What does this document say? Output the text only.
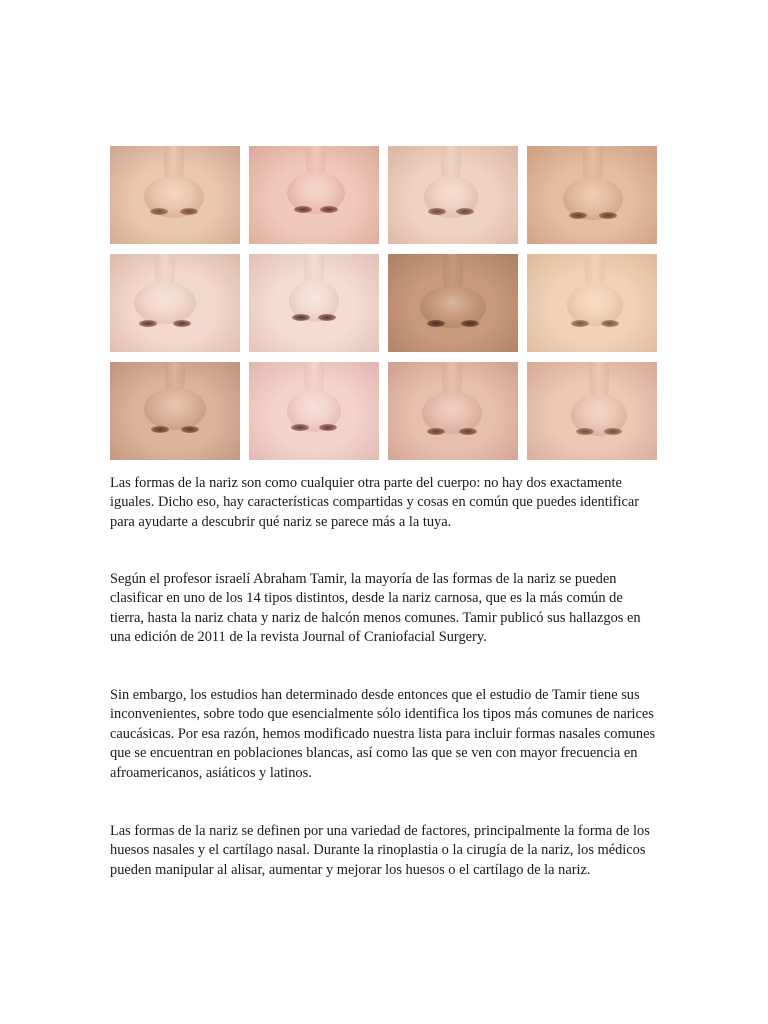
Las formas de la nariz son como cualquier otra parte del cuerpo: no hay dos exactamente iguales. Dicho eso, hay características compartidas y cosas en común que puedes identificar para ayudarte a descubrir qué nariz se parece más a la tuya.

Según el profesor israelí Abraham Tamir, la mayoría de las formas de la nariz se pueden clasificar en uno de los 14 tipos distintos, desde la nariz carnosa, que es la más común de tierra, hasta la nariz chata y nariz de halcón menos comunes. Tamir publicó sus hallazgos en una edición de 2011 de la revista Journal of Craniofacial Surgery.

Sin embargo, los estudios han determinado desde entonces que el estudio de Tamir tiene sus inconvenientes, sobre todo que esencialmente sólo identifica los tipos más comunes de narices caucásicas. Por esa razón, hemos modificado nuestra lista para incluir formas nasales comunes que se encuentran en poblaciones blancas, así como las que se ven con mayor frecuencia en afroamericanos, asiáticos y latinos.

Las formas de la nariz se definen por una variedad de factores, principalmente la forma de los huesos nasales y el cartílago nasal. Durante la rinoplastia o la cirugía de la nariz, los médicos pueden manipular al alisar, aumentar y mejorar los huesos o el cartílago de la nariz.
